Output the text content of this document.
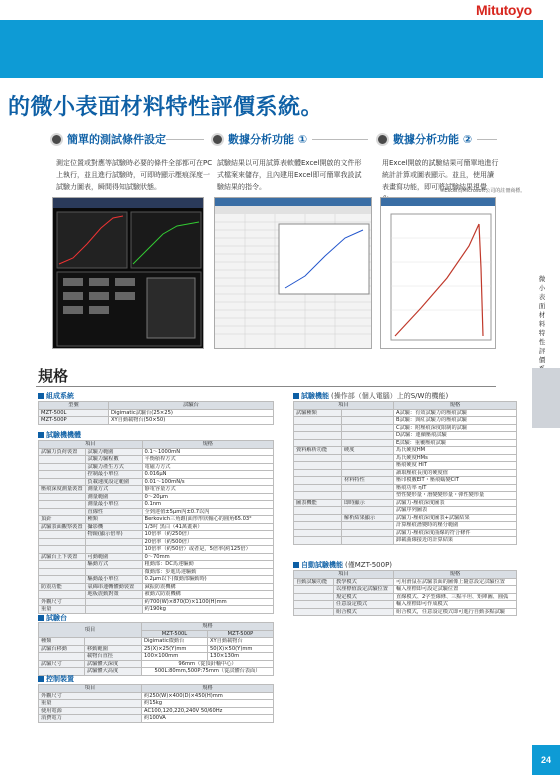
Mitutoyo
的微小表面材料特性評價系統。
簡單的測試條件設定
測定位置或對應等試驗時必要的條件全部都可在PC上執行，並且進行試驗時，可即時顯示壓痕深度一試驗力圖表，瞬間得知試驗狀態。
數據分析功能 ①
試驗結果以可用試算表軟體Excel開啟的文件形式檔案來儲存，且內建用Excel即可簡單我設試驗結果的指令。
數據分析功能 ②
用Excel開啟的試驗結果可簡單地進行統計計算或圖表顯示。並且，使用讀表畫寫功能，即可將試驗結果視覺
※Excel為Microsoft公司的註冊商標。
微小表面材料特性評價
規格
組成系統
型號	試驗台
MZT-500L	Digimatic試驗台(25×25)
MZT-500P	XY自動載物台(50×50)
試驗機機體
項目		規格
試驗力負荷裝置	試驗力範圍	0.1～1000mN
	試驗力驗程數	平衡槓桿方式
	試驗力產生方式	電磁力方式
	控制最小單位	0.016μN
	負載速度設定範圍	0.01～100mN/s
壓痕深度測量裝置	測量方式	靜電容量方式
	測量範圍	0～20μm
	測量最小單位	0.1nm
	直線性	全到達值±5μm內±0.7以內
頂針	種類	Berkovich三角錐(面形形狀軸心的圓角65.03°
試驗表面觀察裝置	攝影機	1/3吋 黑白（41萬畫素）
	物鏡(顯示倍率)	10倍率（約250倍）
		20倍率（約500倍）
		10倍率（約50倍）或者是，5倍率(約125倍）
試驗台上下裝置	可動範圍	0～70mm
	驅動方式	粗動部：DC馬達驅動
		微動部：步進馬達驅動
	驅動最小單位	0.2μm以下(微動部驅動時)
防震功能	氣綿串連轉體動裝置	減振防震機構
	地板震動對策	被動式防震機構
外觀尺寸		約700(W)×870(D)×1100(H)mm
重量		約190kg
試驗台
項目		規格	
		MZT-500L	MZT-500P
種類		Digimatic微動台	XY自動載物台
試驗台移動	移動範圍	25(X)×25(Y)mm	50(X)×50(Y)mm
	載物台直徑	100×100mm	130×130m
試驗尺寸	試驗體大深度	96mm（從頂針軸中心）	
	試驗體大高度	500L:80mm,500P:75mm（從試體台表面）	
控制裝置
項目	規格
外觀尺寸	約250(W)×400(D)×450(H)mm
重量	約15kg
使用電源	AC100,120,220,240V 50/60Hz
消費電力	約100VA
試驗機能 (操作部（個人電腦）上的S/W的機能)
項目		規格
試驗種類		A試驗：有效試驗力的壓痕試驗
		B試驗：與紅試驗力的壓痕試驗
		C試驗：附壓痕深度限制的試驗
		D試驗：連續壓痕試驗
		E試驗：重覆壓痕試驗
資料解析功能	硬度	馬氏硬度HM
		馬氏硬度HMs
		壓痕硬度 HIT
		讀取壓痕長度的硬度值
	材料特性	壓印模數EIT・壓痕蠕變CIT
		壓痕功率 ηIT
		塑性變形量・潛變變形量・彈性變形量
圖表機能	即時顯示	試驗力-壓痕深度圖表
		試驗序列圖表
	解析結果顯示	試驗力-壓痕深度圖表+試驗結果
		計算壓痕潛變時的壓分範圍
		試驗力-壓痕深度曲線的符合條件
		卸載曲線接近的計算結果
自動試驗機能 (僅MZT-500P)
項目		規格
自動試驗功能	教學模式	可用滑鼠在試驗表面的圖像上隨意設定試驗位置
	以座標值設定試驗位置	輸入座標即可設定試驗位置
	規定模式	直線模式、2字型線條、三點平坦、矩陣圖、圓弧
	任意設定模式	輸入座標即可作成模式
	組合模式	組合模式，任意設定模式即可進行自動多點試驗
24
